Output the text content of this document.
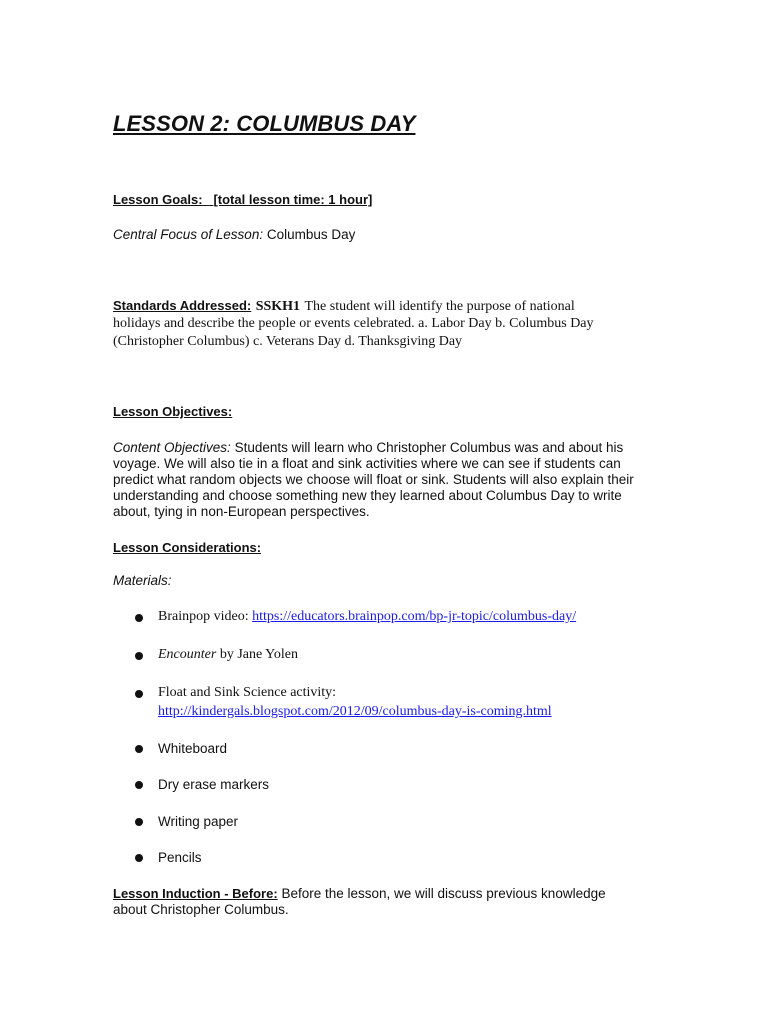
LESSON 2: COLUMBUS DAY
Lesson Goals: [total lesson time: 1 hour]
Central Focus of Lesson: Columbus Day
Standards Addressed: SSKH1 The student will identify the purpose of national
holidays and describe the people or events celebrated. a. Labor Day b. Columbus Day
(Christopher Columbus) c. Veterans Day d. Thanksgiving Day
Lesson Objectives:
Content Objectives: Students will learn who Christopher Columbus was and about his
voyage. We will also tie in a float and sink activities where we can see if students can
predict what random objects we choose will float or sink. Students will also explain their
understanding and choose something new they learned about Columbus Day to write
about, tying in non-European perspectives.
Lesson Considerations:
Materials:
Brainpop video: https://educators.brainpop.com/bp-jr-topic/columbus-day/
Encounter by Jane Yolen
Float and Sink Science activity:
http://kindergals.blogspot.com/2012/09/columbus-day-is-coming.html
Whiteboard
Dry erase markers
Writing paper
Pencils
Lesson Induction - Before: Before the lesson, we will discuss previous knowledge
about Christopher Columbus.
